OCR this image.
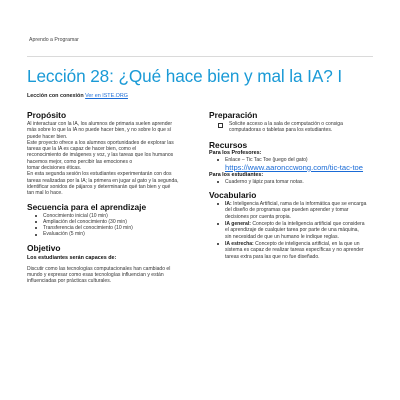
Aprendo a Programar
Lección 28: ¿Qué hace bien y mal la IA? I
Lección con conexión Ver en ISTE.ORG
Propósito

Al interactuar con la IA, los alumnos de primaria suelen aprender

más sobre lo que la IA no puede hacer bien, y no sobre lo que sí

puede hacer bien.

Este proyecto ofrece a los alumnos oportunidades de explorar las

tareas que la IA es capaz de hacer bien, como el

reconocimiento de imágenes y voz, y las tareas que los humanos

hacemos mejor, como percibir las emociones o

tomar decisiones éticas.

En esta segunda sesión los estudiantes experimentarán con dos

tareas realizadas por la IA; la primera en jugar al gato y la segunda,

identificar sonidos de pájaros y determinarán qué tan bien y qué

tan mal lo hace.

Secuencia para el aprendizaje
Conocimiento inicial (10 min)
Ampliación del conocimiento (30 min)
Transferencia del conocimiento (10 min)
Evaluación (5 min)
Objetivo
Los estudiantes serán capaces de:

Discutir como las tecnologías computacionales han cambiado el

mundo y expresar como esas tecnologías influencian y están

influenciadas por prácticas culturales.

Preparación
Solicite acceso a la sala de computación o consiga
computadoras o tabletas para los estudiantes.
Recursos
Para los Profesores:
Enlace – Tic Tac Toe (juego del gato)
https://www.aaronccwong.com/tic-tac-toe
Para los estudiantes:
Cuaderno y lápiz para tomar notas.
Vocabulario
IA: Inteligencia Artificial, rama de la informática que se encarga
del diseño de programas que pueden aprender y tomar
decisiones por cuenta propia.
IA general: Concepto de la inteligencia artificial que considera
el aprendizaje de cualquier tarea por parte de una máquina,
sin necesidad de que un humano le indique reglas.
IA estrecha: Concepto de inteligencia artificial, en la que un
sistema es capaz de realizar tareas específicas y no aprender
tareas extra para las que no fue diseñado.
